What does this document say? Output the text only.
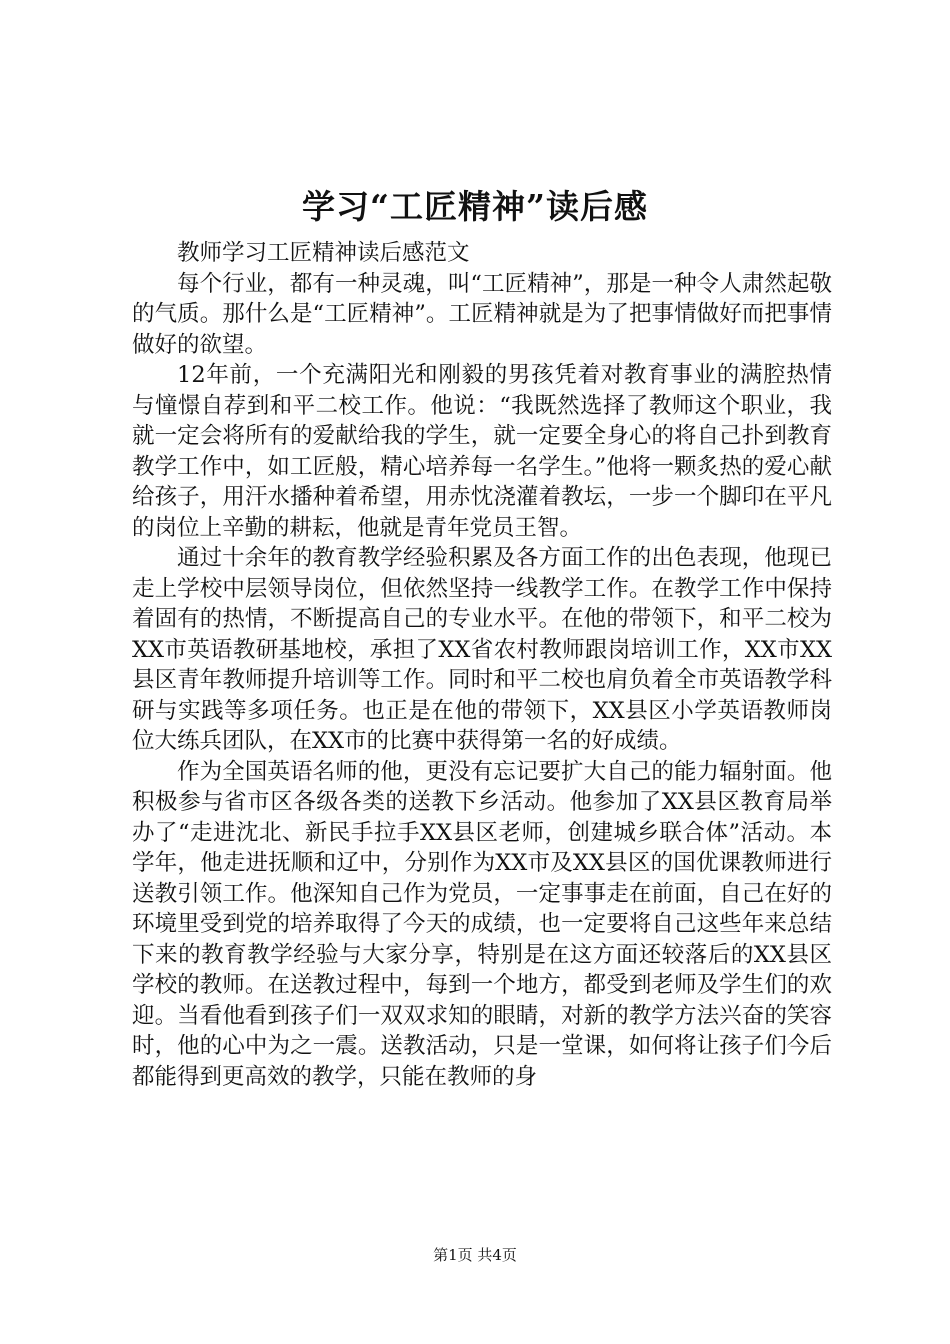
学习“工匠精神”读后感

教师学习工匠精神读后感范文

每个行业，都有一种灵魂，叫“工匠精神”，那是一种令人肃然起敬的气质。那什么是“工匠精神”。工匠精神就是为了把事情做好而把事情做好的欲望。

12年前，一个充满阳光和刚毅的男孩凭着对教育事业的满腔热情与憧憬自荐到和平二校工作。他说：“我既然选择了教师这个职业，我就一定会将所有的爱献给我的学生，就一定要全身心的将自己扑到教育教学工作中，如工匠般，精心培养每一名学生。”他将一颗炙热的爱心献给孩子，用汗水播种着希望，用赤忱浇灌着教坛，一步一个脚印在平凡的岗位上辛勤的耕耘，他就是青年党员王智。

通过十余年的教育教学经验积累及各方面工作的出色表现，他现已走上学校中层领导岗位，但依然坚持一线教学工作。在教学工作中保持着固有的热情，不断提高自己的专业水平。在他的带领下，和平二校为XX市英语教研基地校，承担了XX省农村教师跟岗培训工作，XX市XX县区青年教师提升培训等工作。同时和平二校也肩负着全市英语教学科研与实践等多项任务。也正是在他的带领下，XX县区小学英语教师岗位大练兵团队，在XX市的比赛中获得第一名的好成绩。

作为全国英语名师的他，更没有忘记要扩大自己的能力辐射面。他积极参与省市区各级各类的送教下乡活动。他参加了XX县区教育局举办了“走进沈北、新民手拉手XX县区老师，创建城乡联合体”活动。本学年，他走进抚顺和辽中，分别作为XX市及XX县区的国优课教师进行送教引领工作。他深知自己作为党员，一定事事走在前面，自己在好的环境里受到党的培养取得了今天的成绩，也一定要将自己这些年来总结下来的教育教学经验与大家分享，特别是在这方面还较落后的XX县区学校的教师。在送教过程中，每到一个地方，都受到老师及学生们的欢迎。当看他看到孩子们一双双求知的眼睛，对新的教学方法兴奋的笑容时，他的心中为之一震。送教活动，只是一堂课，如何将让孩子们今后都能得到更高效的教学，只能在教师的身

第1页 共4页
